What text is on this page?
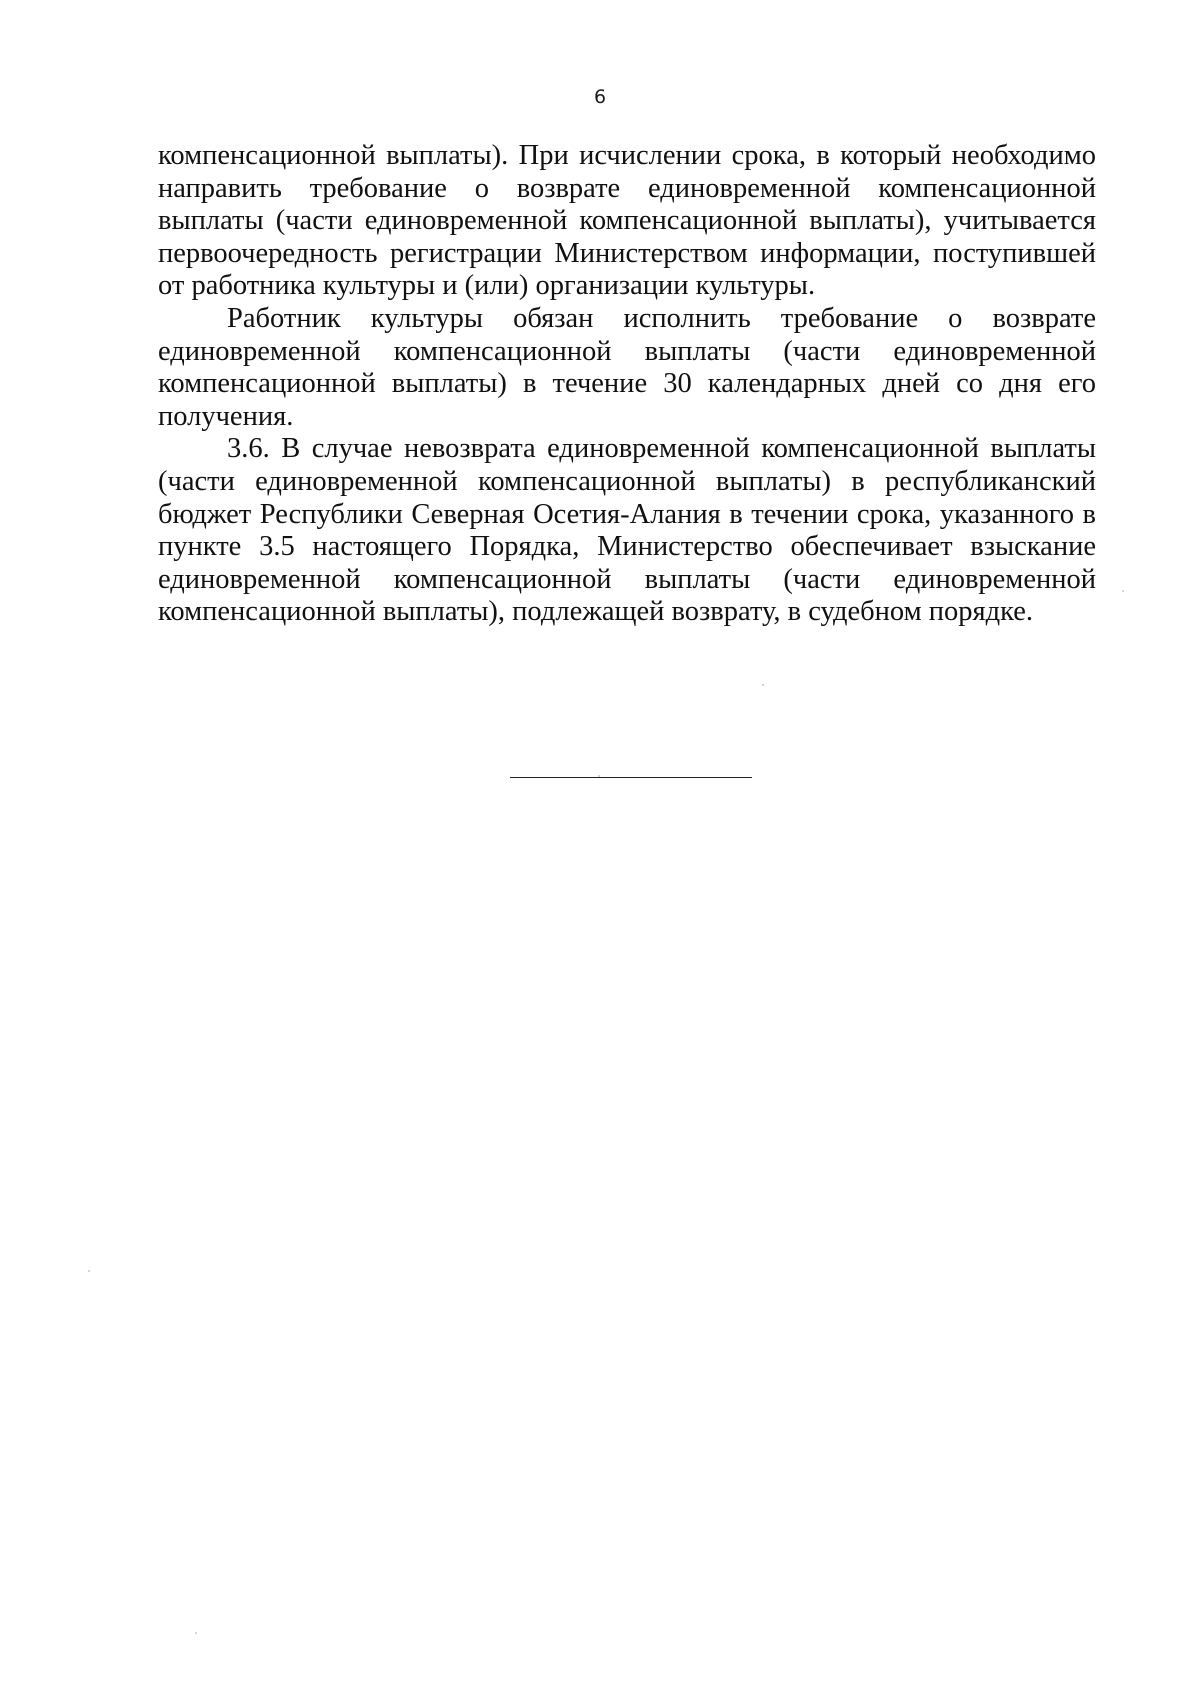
6

компенсационной выплаты). При исчислении срока, в который необходимо направить требование о возврате единовременной компенсационной выплаты (части единовременной компенсационной выплаты), учитывается первоочередность регистрации Министерством информации, поступившей от работника культуры и (или) организации культуры.

Работник культуры обязан исполнить требование о возврате единовременной компенсационной выплаты (части единовременной компенсационной выплаты) в течение 30 календарных дней со дня его получения.

3.6. В случае невозврата единовременной компенсационной выплаты (части единовременной компенсационной выплаты) в республиканский бюджет Республики Северная Осетия-Алания в течении срока, указанного в пункте 3.5 настоящего Порядка, Министерство обеспечивает взыскание единовременной компенсационной выплаты (части единовременной компенсационной выплаты), подлежащей возврату, в судебном порядке.
